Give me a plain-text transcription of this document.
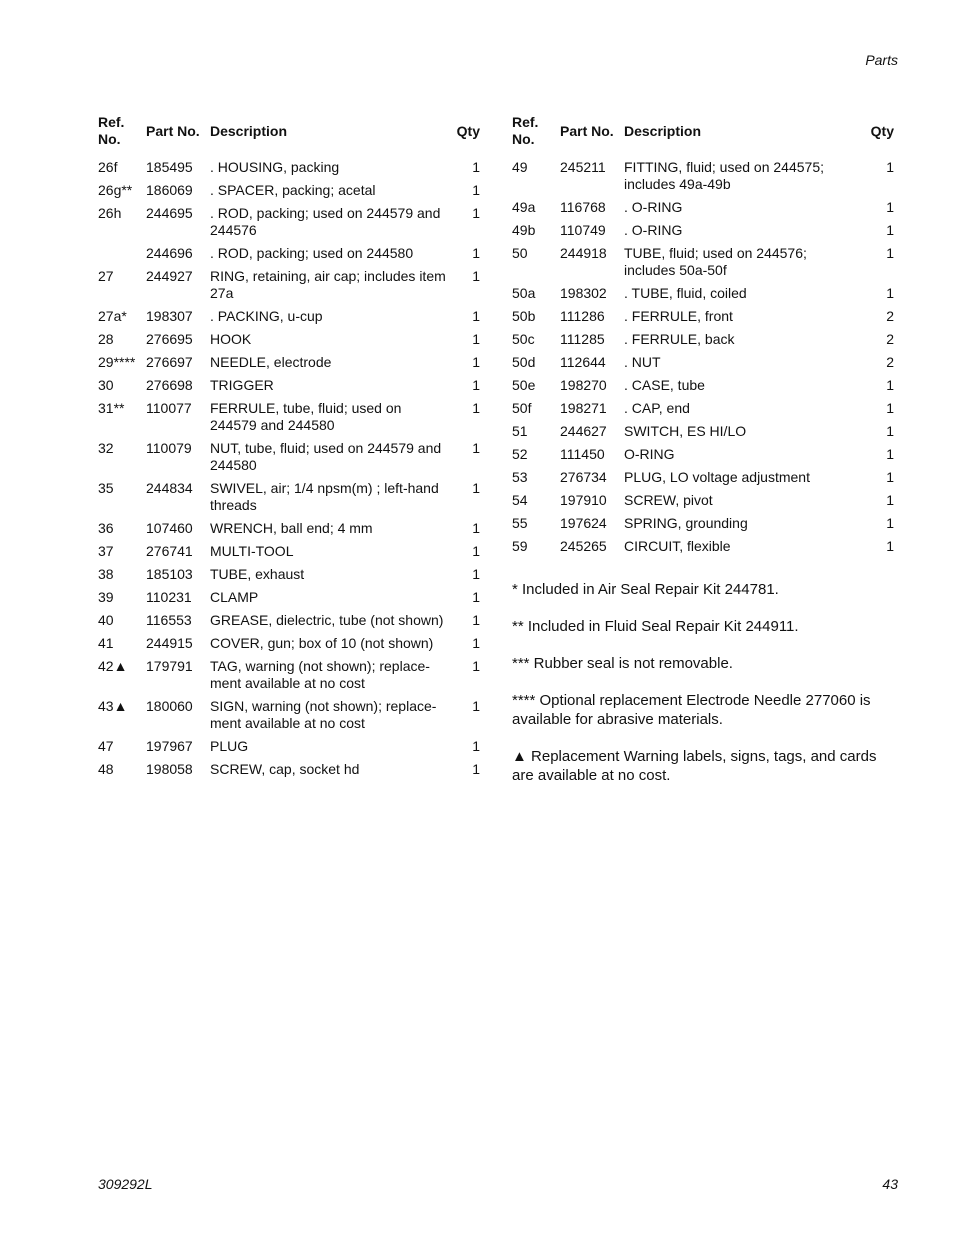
Parts
Ref.
No.	Part No.	Description	Qty
26f	185495	. HOUSING, packing	1
26g**	186069	. SPACER, packing; acetal	1
26h	244695	. ROD, packing; used on 244579 and 244576	1
	244696	. ROD, packing; used on 244580	1
27	244927	RING, retaining, air cap; includes item 27a	1
27a*	198307	. PACKING, u-cup	1
28	276695	HOOK	1
29****	276697	NEEDLE, electrode	1
30	276698	TRIGGER	1
31**	110077	FERRULE, tube, fluid; used on 244579 and 244580	1
32	110079	NUT, tube, fluid; used on 244579 and 244580	1
35	244834	SWIVEL, air; 1/4 npsm(m) ; left-hand threads	1
36	107460	WRENCH, ball end; 4 mm	1
37	276741	MULTI-TOOL	1
38	185103	TUBE, exhaust	1
39	110231	CLAMP	1
40	116553	GREASE, dielectric, tube (not shown)	1
41	244915	COVER, gun; box of 10 (not shown)	1
42▲	179791	TAG, warning (not shown); replace-ment available at no cost	1
43▲	180060	SIGN, warning (not shown); replace-ment available at no cost	1
47	197967	PLUG	1
48	198058	SCREW, cap, socket hd	1
Ref.
No.	Part No.	Description	Qty
49	245211	FITTING, fluid; used on 244575; includes 49a-49b	1
49a	116768	. O-RING	1
49b	110749	. O-RING	1
50	244918	TUBE, fluid; used on 244576; includes 50a-50f	1
50a	198302	. TUBE, fluid, coiled	1
50b	111286	. FERRULE, front	2
50c	111285	. FERRULE, back	2
50d	112644	. NUT	2
50e	198270	. CASE, tube	1
50f	198271	. CAP, end	1
51	244627	SWITCH, ES HI/LO	1
52	111450	O-RING	1
53	276734	PLUG, LO voltage adjustment	1
54	197910	SCREW, pivot	1
55	197624	SPRING, grounding	1
59	245265	CIRCUIT, flexible	1

* Included in Air Seal Repair Kit 244781.

** Included in Fluid Seal Repair Kit 244911.

*** Rubber seal is not removable.

**** Optional replacement Electrode Needle 277060 is available for abrasive materials.

▲ Replacement Warning labels, signs, tags, and cards are available at no cost.

309292L	43
